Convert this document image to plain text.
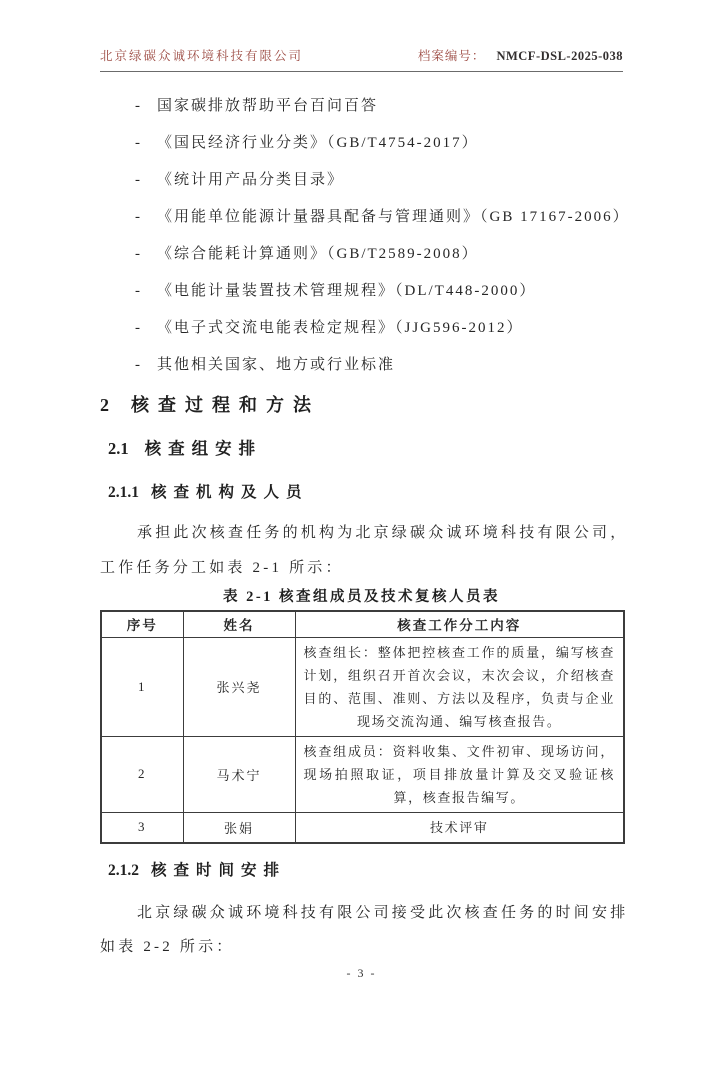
北京绿碳众诚环境科技有限公司	档案编号： NMCF-DSL-2025-038
- 国家碳排放帮助平台百问百答
- 《国民经济行业分类》（GB/T4754-2017）
- 《统计用产品分类目录》
- 《用能单位能源计量器具配备与管理通则》（GB 17167-2006）
- 《综合能耗计算通则》（GB/T2589-2008）
- 《电能计量装置技术管理规程》（DL/T448-2000）
- 《电子式交流电能表检定规程》（JJG596-2012）
- 其他相关国家、地方或行业标准
2 核查过程和方法
2.1 核查组安排
2.1.1 核查机构及人员
承担此次核查任务的机构为北京绿碳众诚环境科技有限公司，
工作任务分工如表 2-1 所示：
表 2-1 核查组成员及技术复核人员表
序号	姓名	核查工作分工内容
1	张兴尧	核查组长：整体把控核查工作的质量，编写核查计划，组织召开首次会议，末次会议，介绍核查目的、范围、准则、方法以及程序，负责与企业现场交流沟通、编写核查报告。
2	马术宁	核查组成员：资料收集、文件初审、现场访问，现场拍照取证，项目排放量计算及交叉验证核算，核查报告编写。
3	张娟	技术评审
2.1.2 核查时间安排
北京绿碳众诚环境科技有限公司接受此次核查任务的时间安排
如表 2-2 所示：
- 3 -
